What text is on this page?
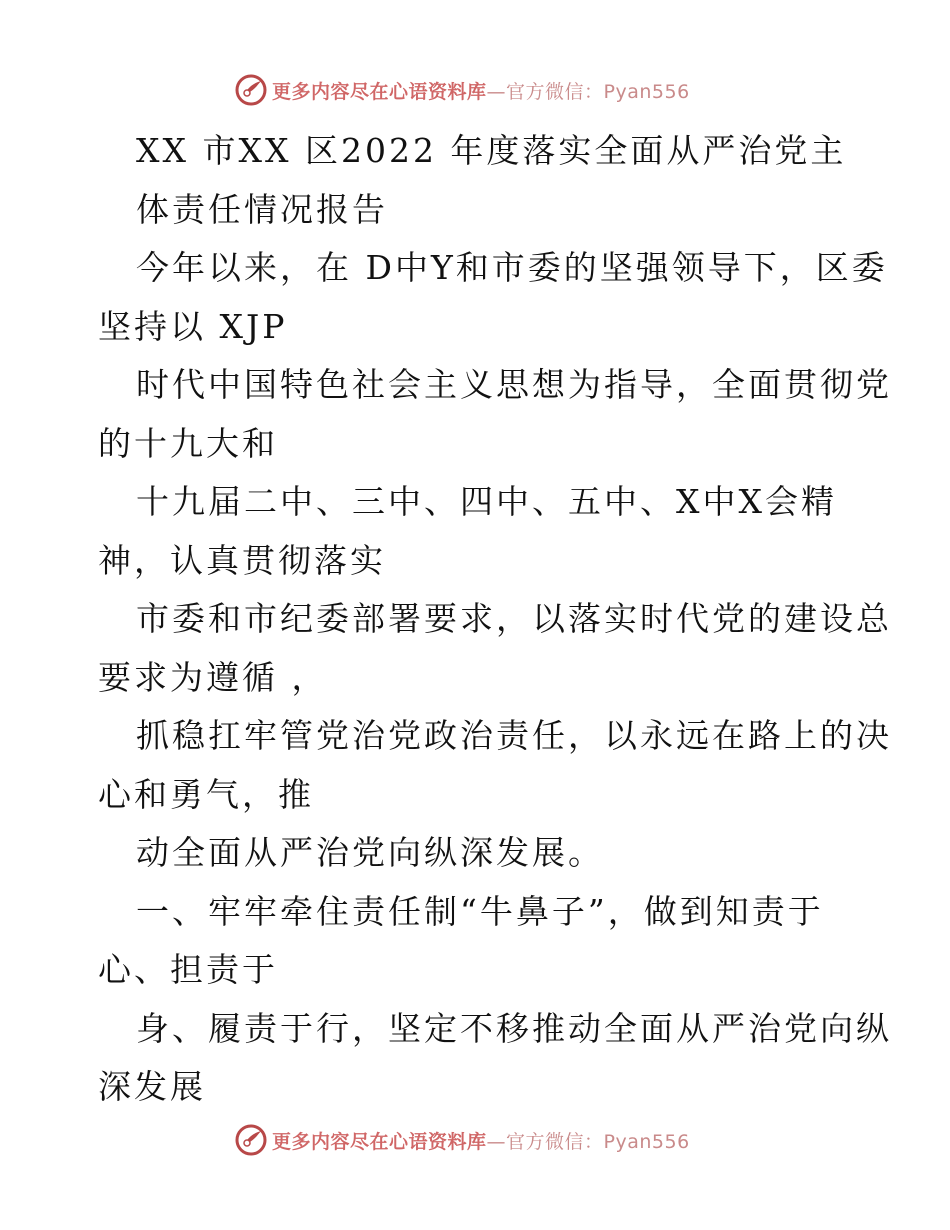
更多内容尽在心语资料库—官方微信：Pyan556
XX 市XX 区2022 年度落实全面从严治党主
体责任情况报告
今年以来，在 D中Y和市委的坚强领导下，区委
坚持以 XJP
时代中国特色社会主义思想为指导，全面贯彻党
的十九大和
十九届二中、三中、四中、五中、X中X会精
神，认真贯彻落实
市委和市纪委部署要求，以落实时代党的建设总
要求为遵循 ，
抓稳扛牢管党治党政治责任，以永远在路上的决
心和勇气，推
动全面从严治党向纵深发展。
一、牢牢牵住责任制“牛鼻子”，做到知责于
心、担责于
身、履责于行，坚定不移推动全面从严治党向纵
深发展
更多内容尽在心语资料库—官方微信：Pyan556
